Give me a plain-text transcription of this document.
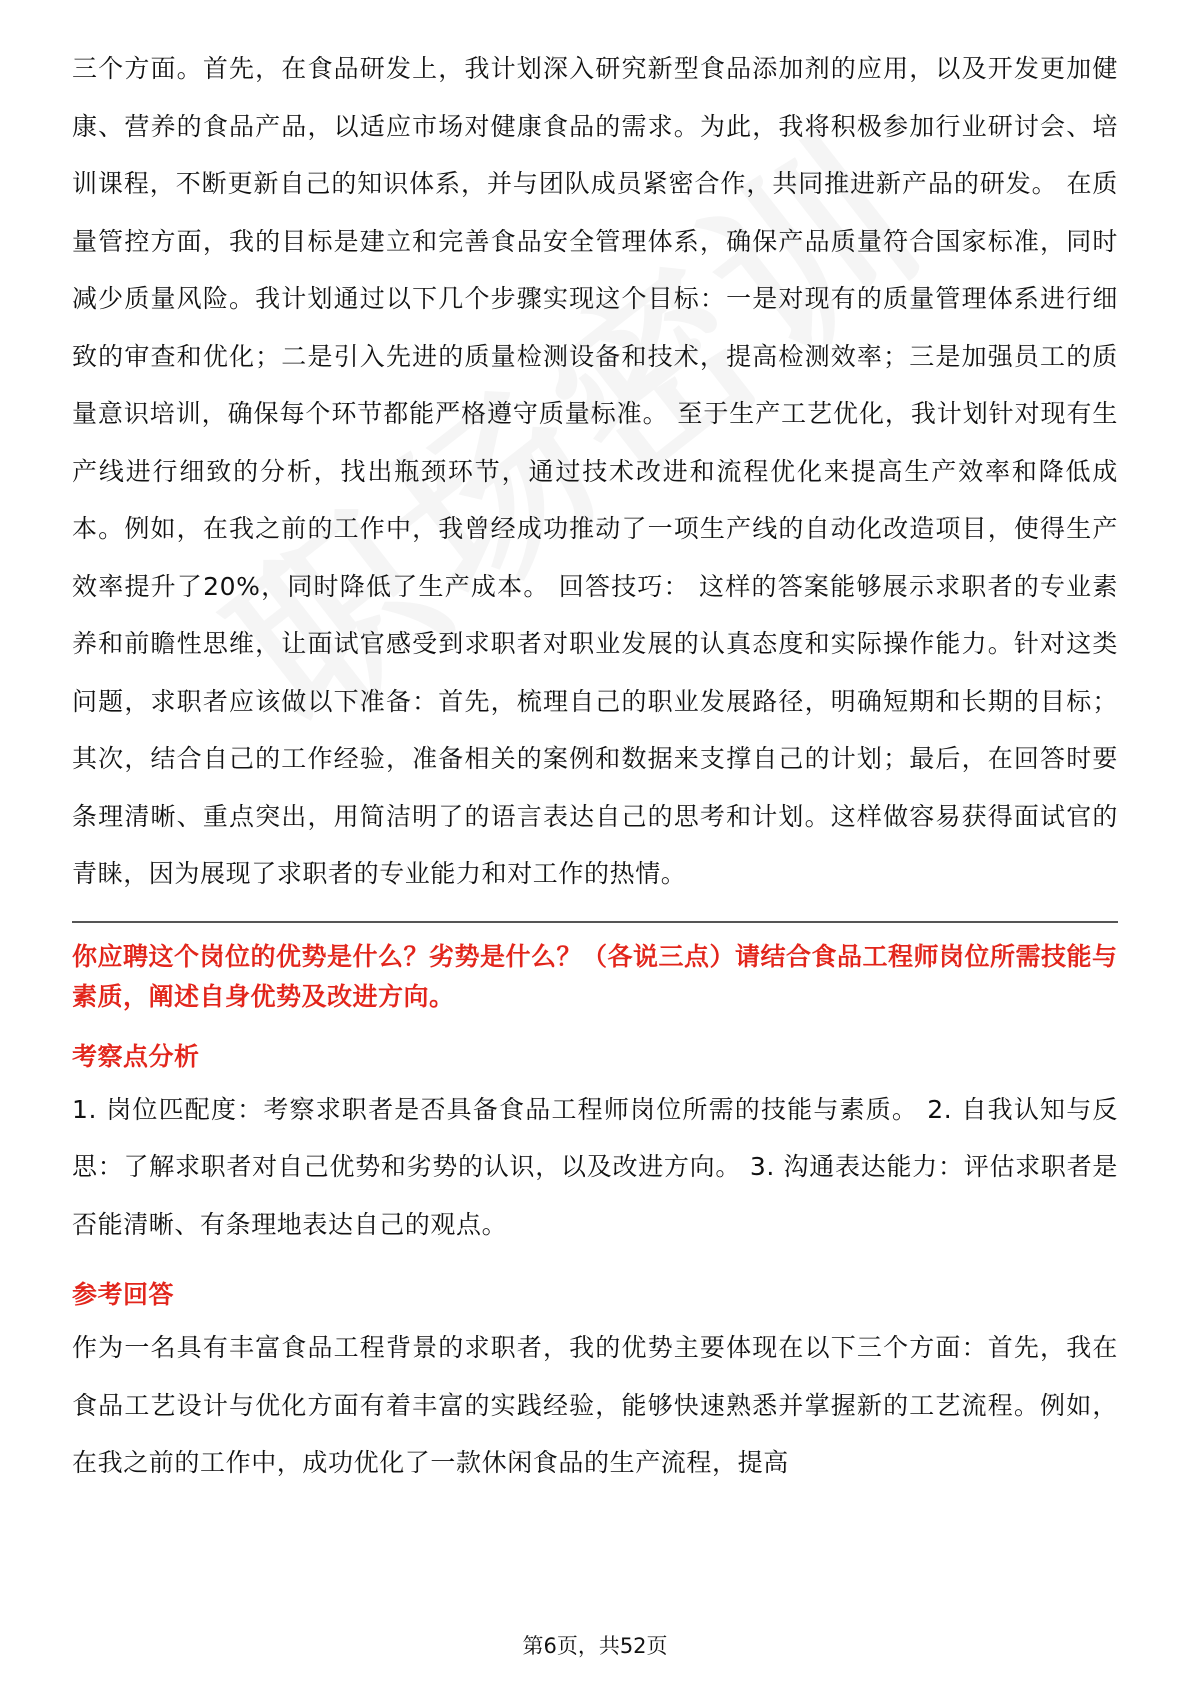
三个方面。首先，在食品研发上，我计划深入研究新型食品添加剂的应用，以及开发更加健康、营养的食品产品，以适应市场对健康食品的需求。为此，我将积极参加行业研讨会、培训课程，不断更新自己的知识体系，并与团队成员紧密合作，共同推进新产品的研发。 在质量管控方面，我的目标是建立和完善食品安全管理体系，确保产品质量符合国家标准，同时减少质量风险。我计划通过以下几个步骤实现这个目标：一是对现有的质量管理体系进行细致的审查和优化；二是引入先进的质量检测设备和技术，提高检测效率；三是加强员工的质量意识培训，确保每个环节都能严格遵守质量标准。 至于生产工艺优化，我计划针对现有生产线进行细致的分析，找出瓶颈环节，通过技术改进和流程优化来提高生产效率和降低成本。例如，在我之前的工作中，我曾经成功推动了一项生产线的自动化改造项目，使得生产效率提升了20%，同时降低了生产成本。 回答技巧： 这样的答案能够展示求职者的专业素养和前瞻性思维，让面试官感受到求职者对职业发展的认真态度和实际操作能力。针对这类问题，求职者应该做以下准备：首先，梳理自己的职业发展路径，明确短期和长期的目标；其次，结合自己的工作经验，准备相关的案例和数据来支撑自己的计划；最后，在回答时要条理清晰、重点突出，用简洁明了的语言表达自己的思考和计划。这样做容易获得面试官的青睐，因为展现了求职者的专业能力和对工作的热情。

你应聘这个岗位的优势是什么？劣势是什么？（各说三点）请结合食品工程师岗位所需技能与素质，阐述自身优势及改进方向。

考察点分析

1. 岗位匹配度：考察求职者是否具备食品工程师岗位所需的技能与素质。 2. 自我认知与反思：了解求职者对自己优势和劣势的认识，以及改进方向。 3. 沟通表达能力：评估求职者是否能清晰、有条理地表达自己的观点。

参考回答

作为一名具有丰富食品工程背景的求职者，我的优势主要体现在以下三个方面：首先，我在食品工艺设计与优化方面有着丰富的实践经验，能够快速熟悉并掌握新的工艺流程。例如，在我之前的工作中，成功优化了一款休闲食品的生产流程，提高

第6页，共52页
